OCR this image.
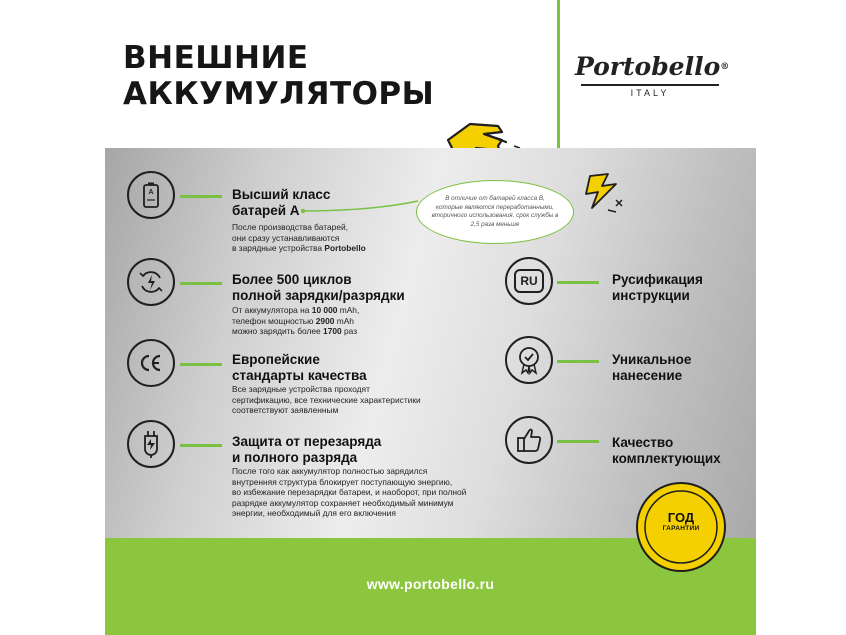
ВНЕШНИЕ
АККУМУЛЯТОРЫ
Portobello®
ITALY
В отличие от батарей класса B, которые являются переработанными, вторичного использования, срок службы в 2,5 раза меньше
A	Высший класс
батарей А
После производства батарей,
они сразу устанавливаются
в зарядные устройства Portobello
Более 500 циклов
полной зарядки/разрядки
От аккумулятора на 10 000 mAh,
телефон мощностью 2900 mAh
можно зарядить более 1700 раз
Европейские
стандарты качества
Все зарядные устройства проходят
сертификацию, все технические характеристики
соответствуют заявленным
Защита от перезаряда
и полного разряда
После того как аккумулятор полностью зарядился
внутренняя структура блокирует поступающую энергию,
во избежание перезарядки батареи, и наоборот, при полной
разрядке аккумулятор сохраняет необходимый минимум
энергии, необходимый для его включения
RU	Русификация
инструкции
Уникальное
нанесение
Качество
комплектующих
www.portobello.ru
ГОД
ГАРАНТИИ
